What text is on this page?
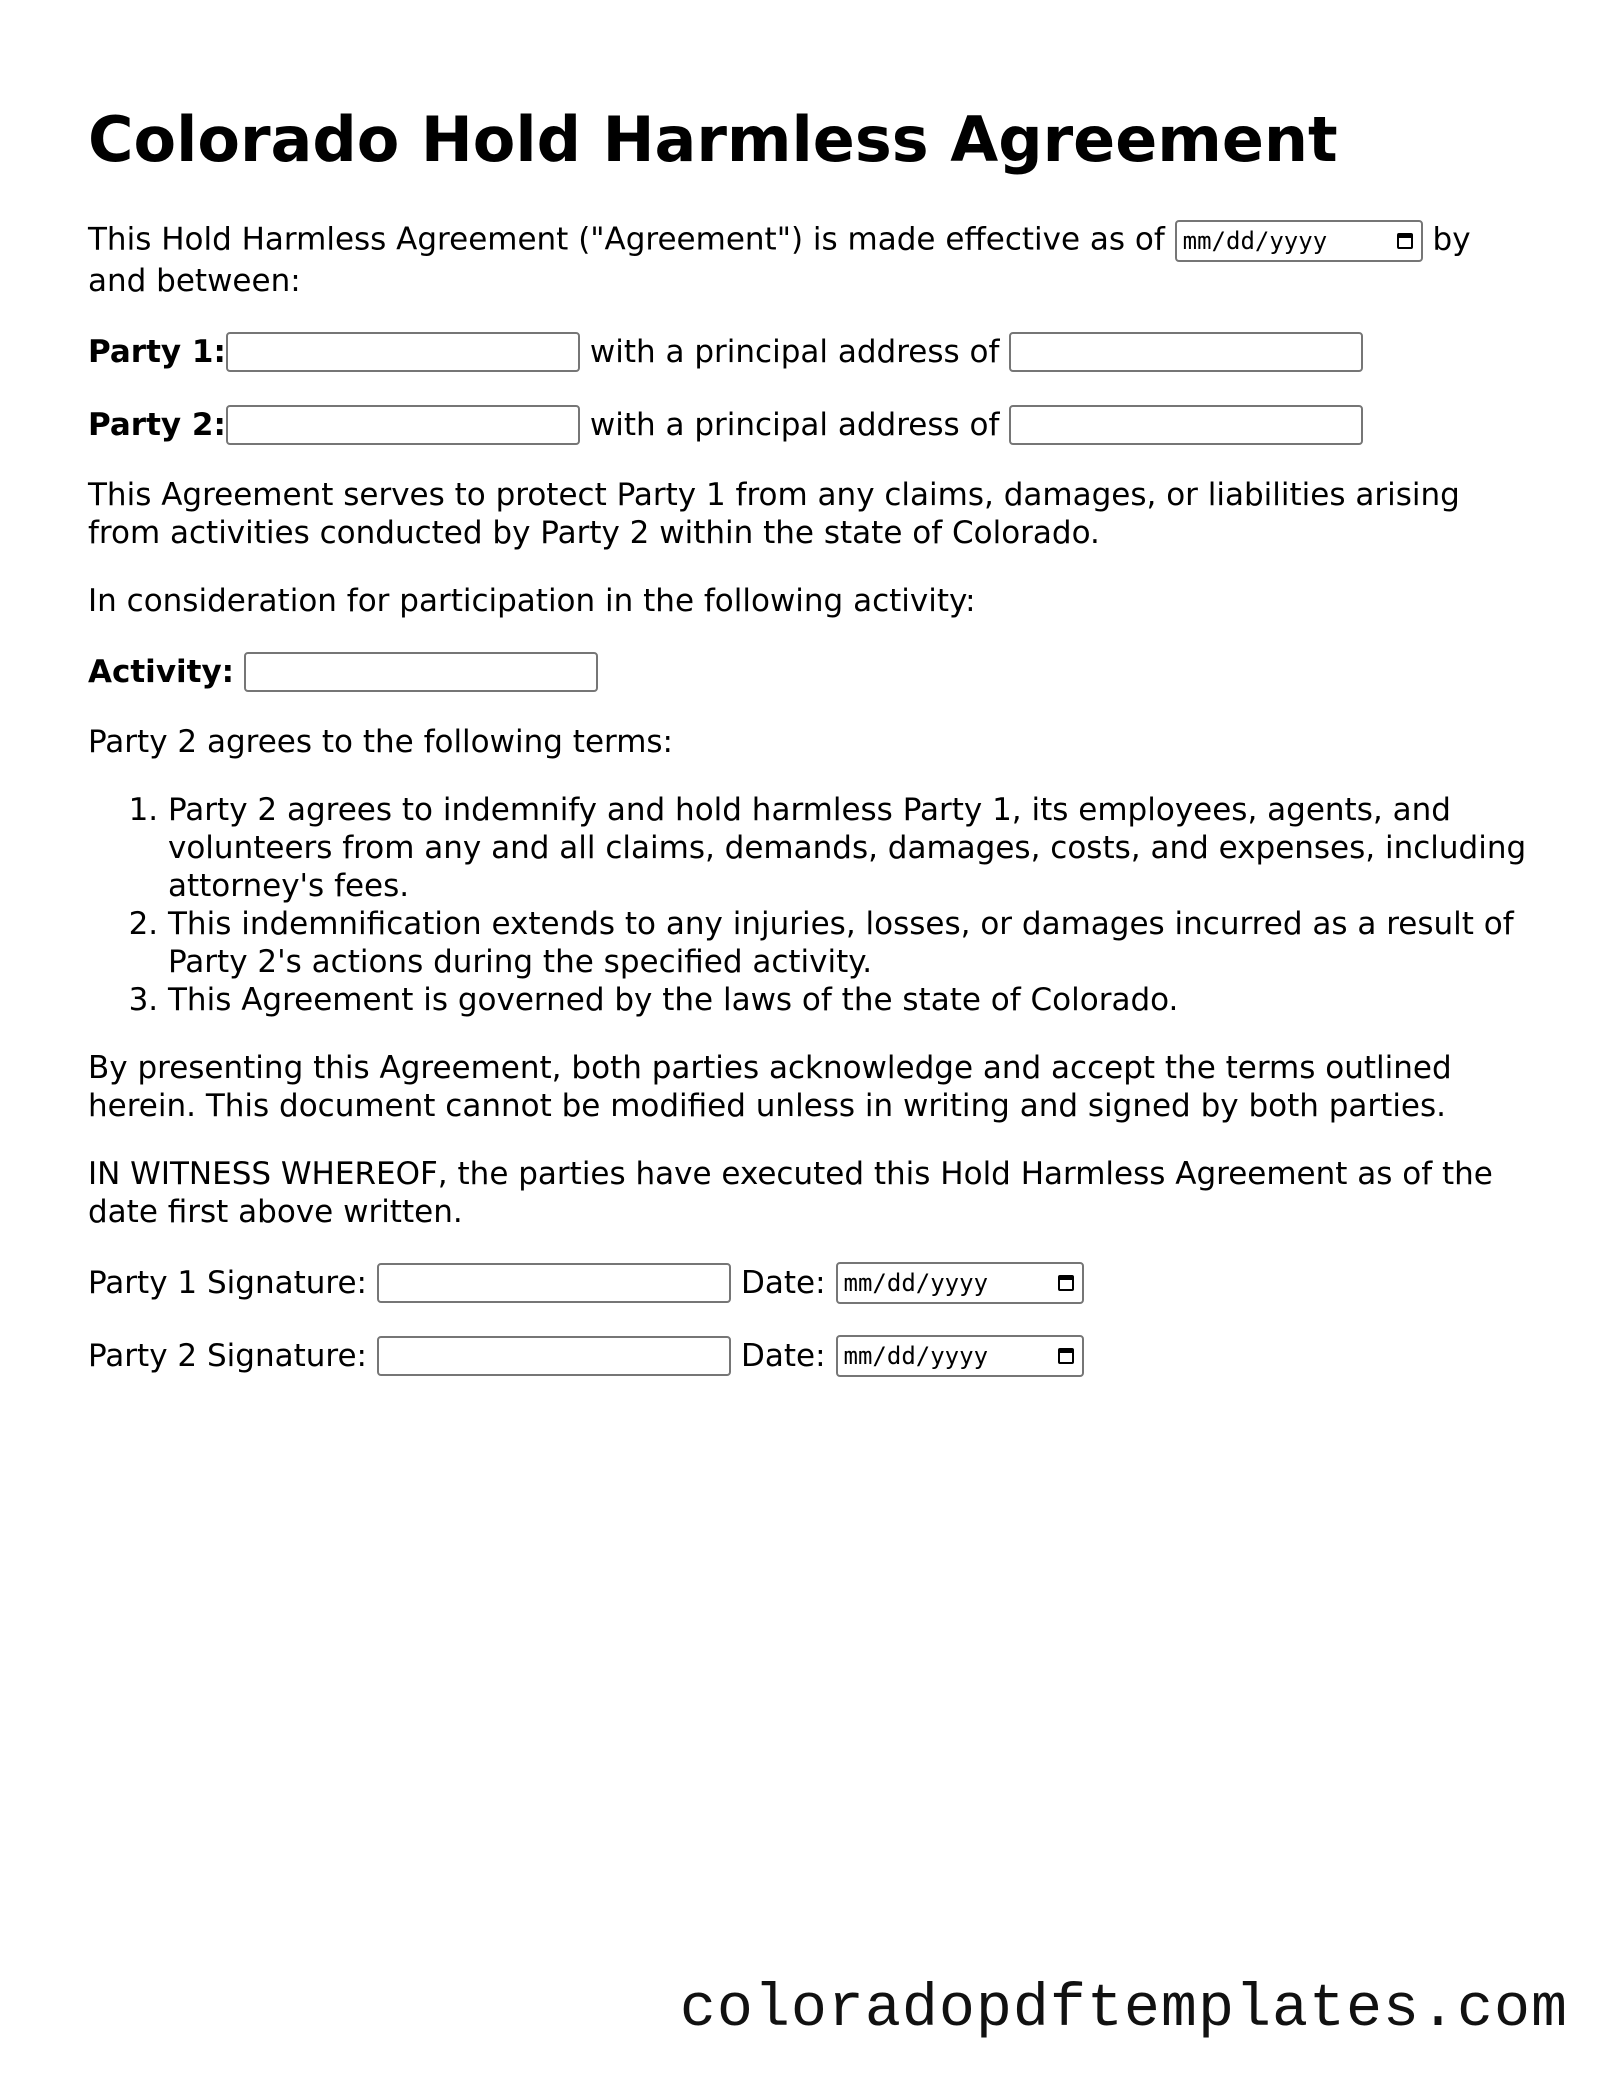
Colorado Hold Harmless Agreement

This Hold Harmless Agreement ("Agreement") is made effective as of mm/dd/yyyy	by and between:

Party 1:	with a principal address of
Party 2:	with a principal address of

This Agreement serves to protect Party 1 from any claims, damages, or liabilities arising from activities conducted by Party 2 within the state of Colorado.

In consideration for participation in the following activity:

Activity:

Party 2 agrees to the following terms:

1. Party 2 agrees to indemnify and hold harmless Party 1, its employees, agents, and volunteers from any and all claims, demands, damages, costs, and expenses, including attorney's fees.
2. This indemnification extends to any injuries, losses, or damages incurred as a result of Party 2's actions during the specified activity.
3. This Agreement is governed by the laws of the state of Colorado.

By presenting this Agreement, both parties acknowledge and accept the terms outlined herein. This document cannot be modified unless in writing and signed by both parties.

IN WITNESS WHEREOF, the parties have executed this Hold Harmless Agreement as of the date first above written.

Party 1 Signature:	Date: mm/dd/yyyy
Party 2 Signature:	Date: mm/dd/yyyy
coloradopdftemplates.com
